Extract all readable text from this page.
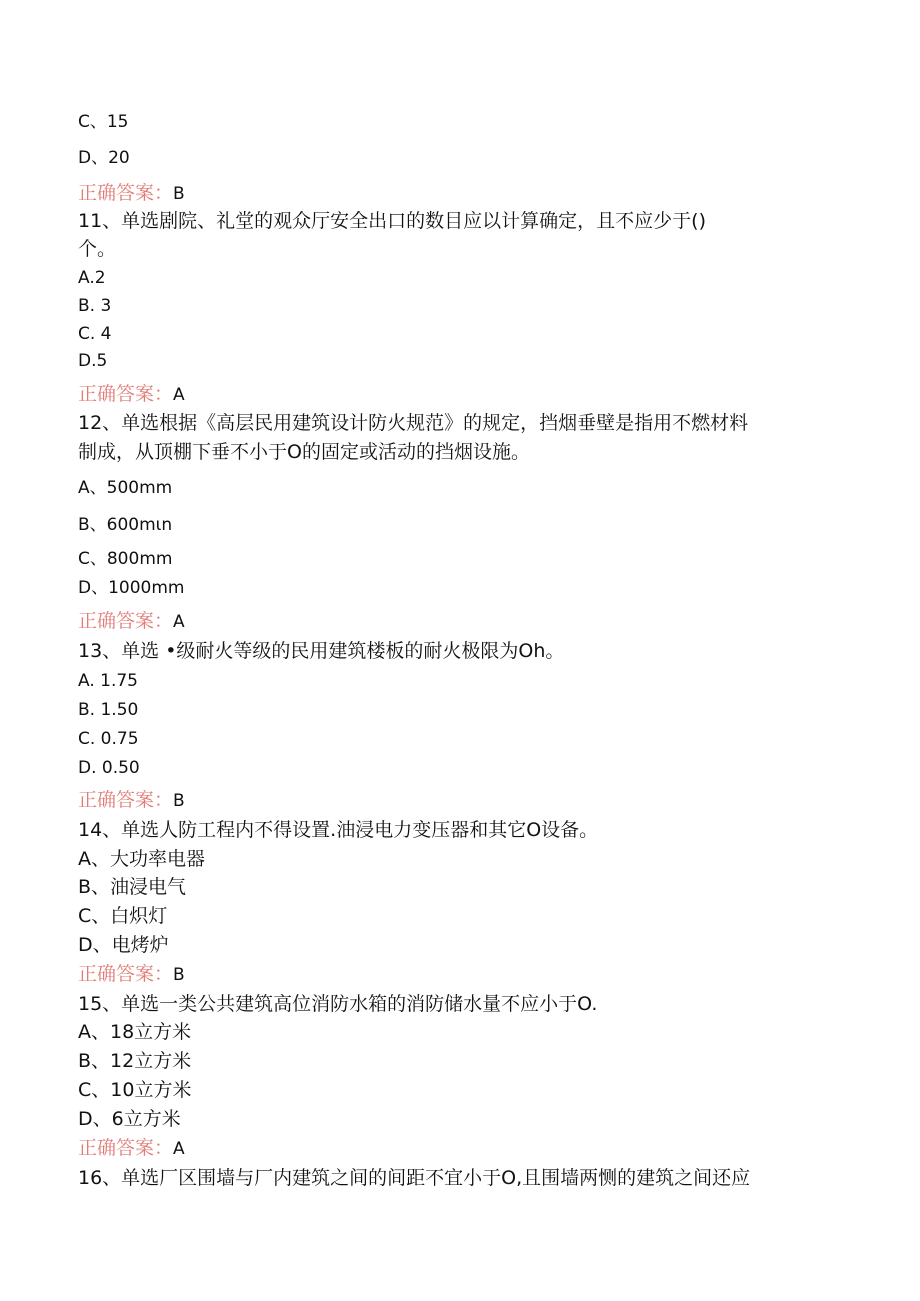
C、15
D、20
正确答案：B
11、单选剧院、礼堂的观众厅安全出口的数目应以计算确定，且不应少于()
个。
A.2
B. 3
C. 4
D.5
正确答案：A
12、单选根据《高层民用建筑设计防火规范》的规定，挡烟垂壁是指用不燃材料
制成，从顶棚下垂不小于O的固定或活动的挡烟设施。
A、500mm
B、600mιn
C、800mm
D、1000mm
正确答案：A
13、单选 •级耐火等级的民用建筑楼板的耐火极限为Oh。
A. 1.75
B. 1.50
C. 0.75
D. 0.50
正确答案：B
14、单选人防工程内不得设置.油浸电力变压器和其它O设备。
A、大功率电器
B、油浸电气
C、白炽灯
D、电烤炉
正确答案：B
15、单选一类公共建筑高位消防水箱的消防储水量不应小于O.
A、18立方米
B、12立方米
C、10立方米
D、6立方米
正确答案：A
16、单选厂区围墙与厂内建筑之间的间距不宜小于O,且围墙两恻的建筑之间还应
